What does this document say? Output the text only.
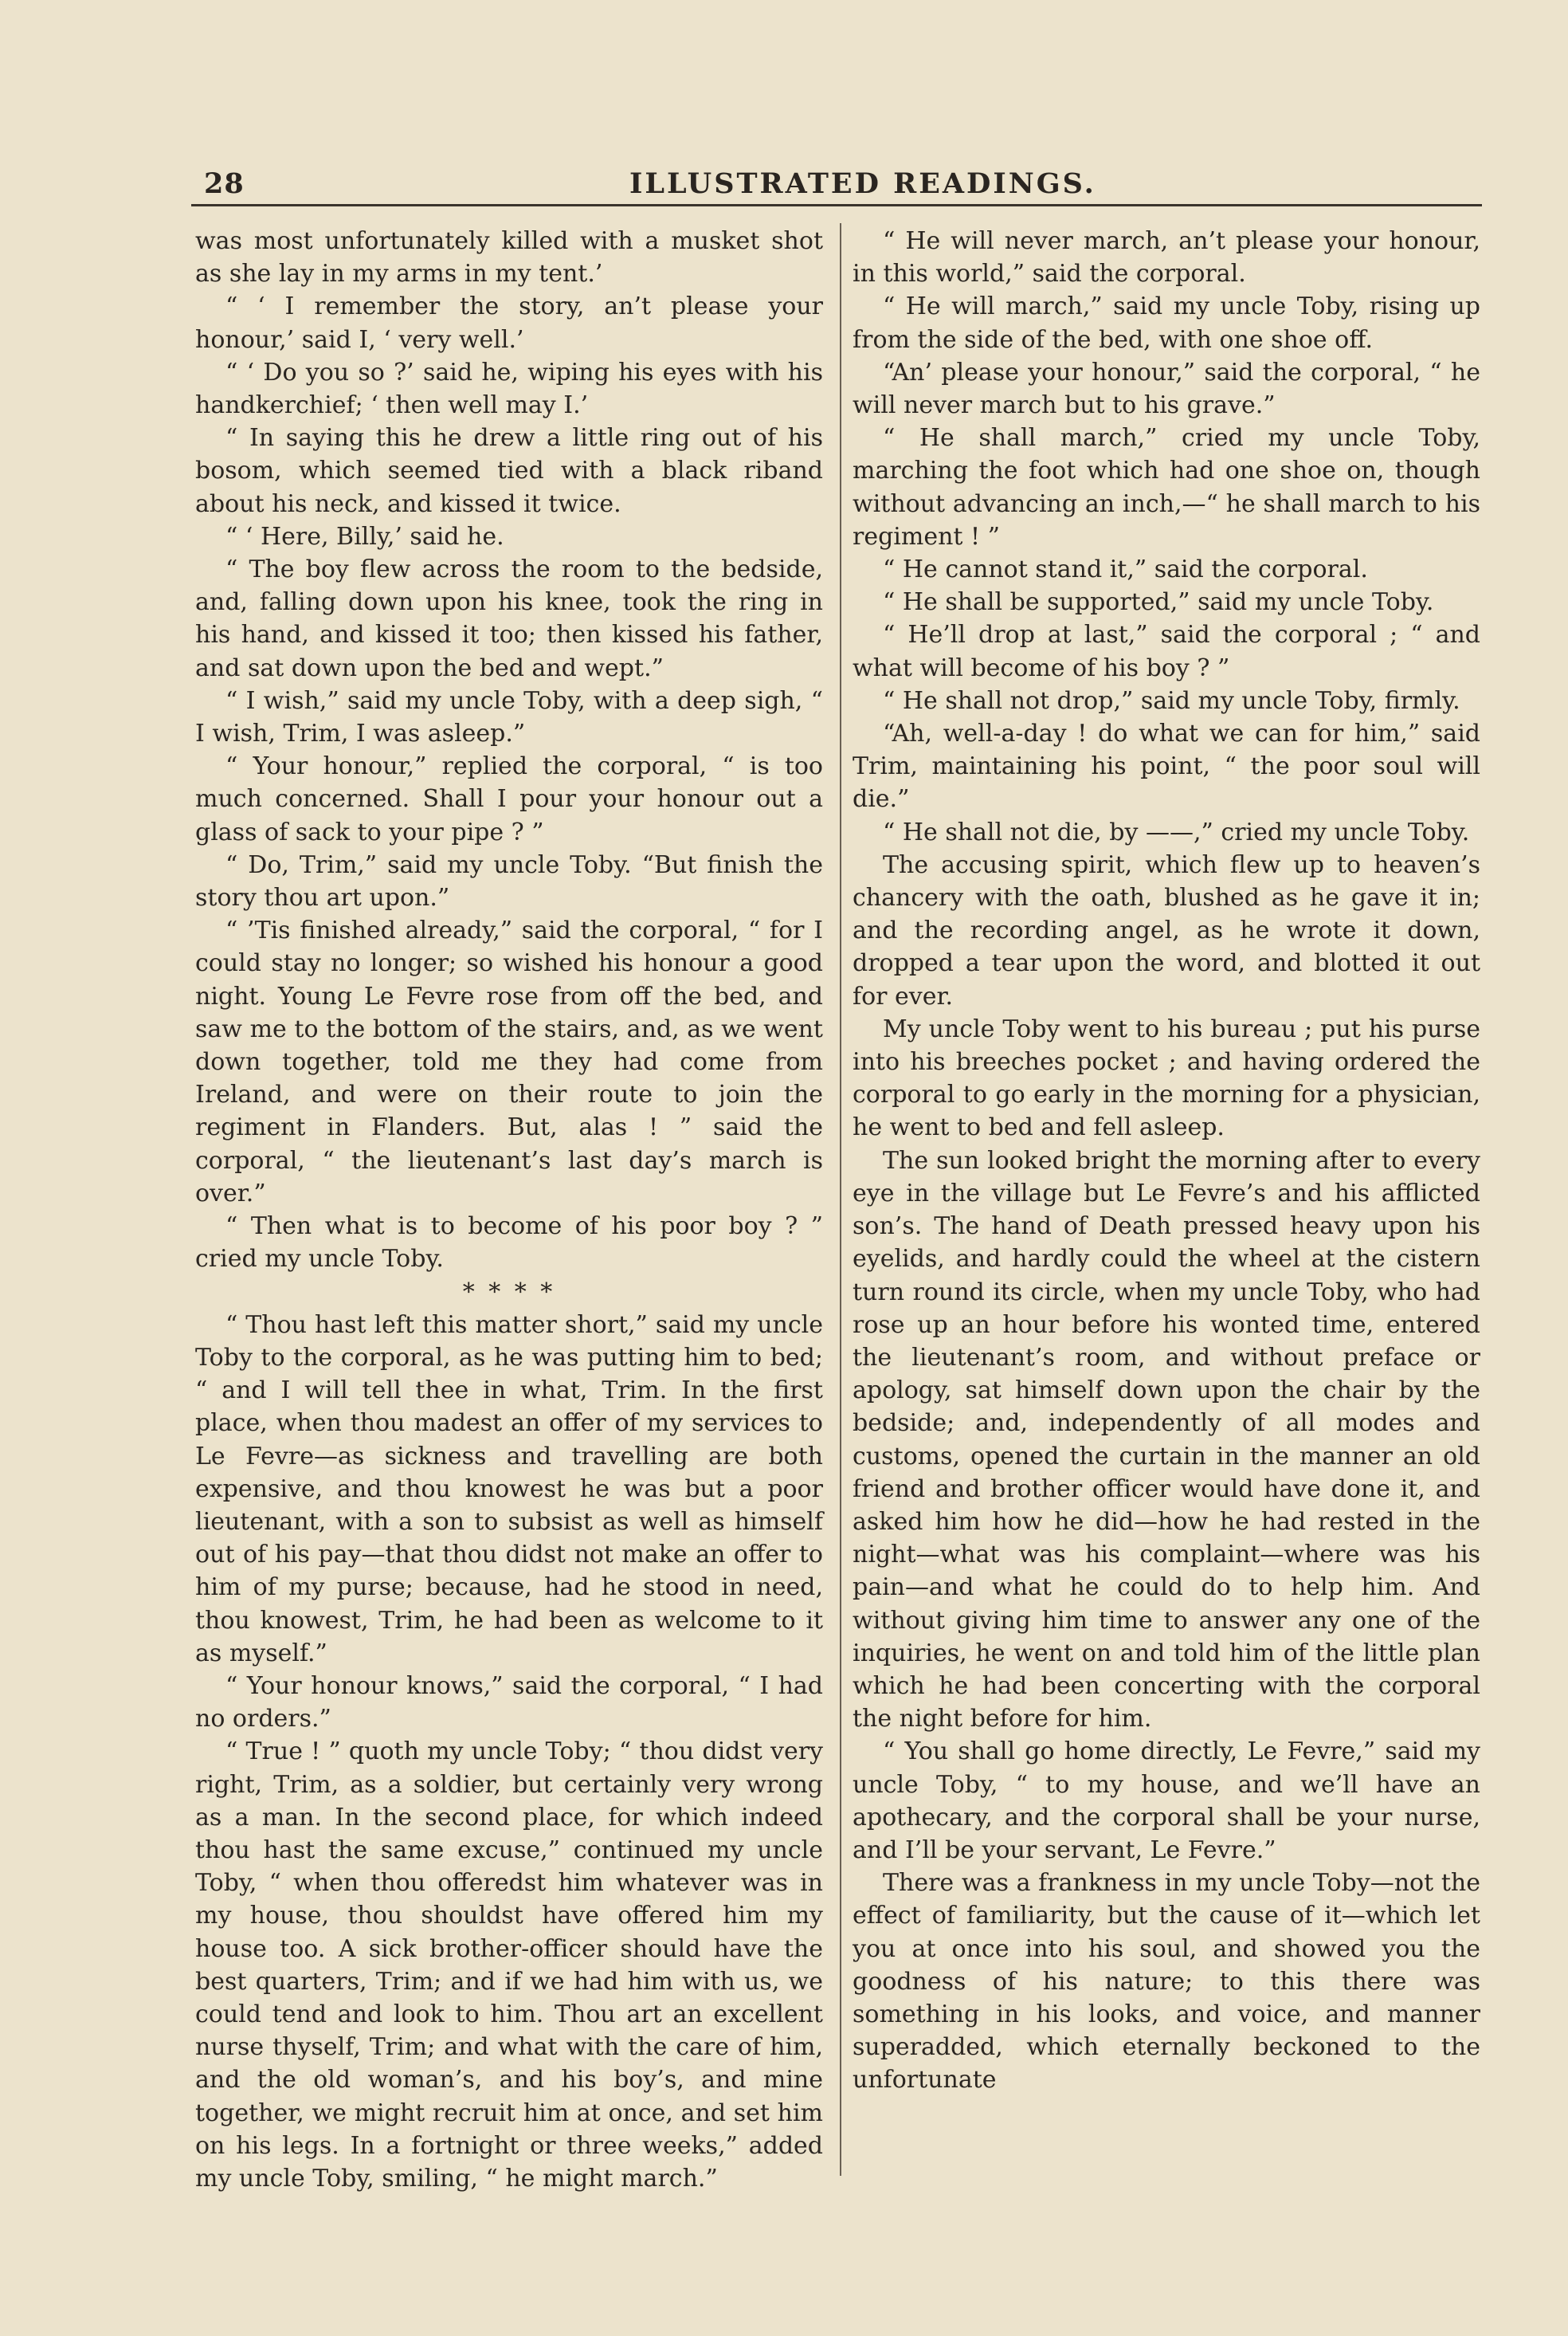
28	ILLUSTRATED READINGS.

was most unfortunately killed with a musket shot as she lay in my arms in my tent.’

“ ‘ I remember the story, an’t please your honour,’ said I, ‘ very well.’

“ ‘ Do you so ?’ said he, wiping his eyes with his handkerchief; ‘ then well may I.’

“ In saying this he drew a little ring out of his bosom, which seemed tied with a black riband about his neck, and kissed it twice.

“ ‘ Here, Billy,’ said he.

“ The boy flew across the room to the bedside, and, falling down upon his knee, took the ring in his hand, and kissed it too; then kissed his father, and sat down upon the bed and wept.”

“ I wish,” said my uncle Toby, with a deep sigh, “ I wish, Trim, I was asleep.”

“ Your honour,” replied the corporal, “ is too much concerned. Shall I pour your honour out a glass of sack to your pipe ? ”

“ Do, Trim,” said my uncle Toby. “But finish the story thou art upon.”

“ ’Tis finished already,” said the corporal, “ for I could stay no longer; so wished his honour a good night. Young Le Fevre rose from off the bed, and saw me to the bottom of the stairs, and, as we went down together, told me they had come from Ireland, and were on their route to join the regiment in Flanders. But, alas ! ” said the corporal, “ the lieutenant’s last day’s march is over.”

“ Then what is to become of his poor boy ? ” cried my uncle Toby.

* * * *

“ Thou hast left this matter short,” said my uncle Toby to the corporal, as he was putting him to bed; “ and I will tell thee in what, Trim. In the first place, when thou madest an offer of my services to Le Fevre—as sickness and travelling are both expensive, and thou knowest he was but a poor lieutenant, with a son to subsist as well as himself out of his pay—that thou didst not make an offer to him of my purse; because, had he stood in need, thou knowest, Trim, he had been as welcome to it as myself.”

“ Your honour knows,” said the corporal, “ I had no orders.”

“ True ! ” quoth my uncle Toby; “ thou didst very right, Trim, as a soldier, but certainly very wrong as a man. In the second place, for which indeed thou hast the same excuse,” continued my uncle Toby, “ when thou offeredst him whatever was in my house, thou shouldst have offered him my house too. A sick brother-officer should have the best quarters, Trim; and if we had him with us, we could tend and look to him. Thou art an excellent nurse thyself, Trim; and what with the care of him, and the old woman’s, and his boy’s, and mine together, we might recruit him at once, and set him on his legs. In a fortnight or three weeks,” added my uncle Toby, smiling, “ he might march.”

“ He will never march, an’t please your honour, in this world,” said the corporal.

“ He will march,” said my uncle Toby, rising up from the side of the bed, with one shoe off.

“An’ please your honour,” said the corporal, “ he will never march but to his grave.”

“ He shall march,” cried my uncle Toby, marching the foot which had one shoe on, though without advancing an inch,—“ he shall march to his regiment ! ”

“ He cannot stand it,” said the corporal.

“ He shall be supported,” said my uncle Toby.

“ He’ll drop at last,” said the corporal ; “ and what will become of his boy ? ”

“ He shall not drop,” said my uncle Toby, firmly.

“Ah, well-a-day ! do what we can for him,” said Trim, maintaining his point, “ the poor soul will die.”

“ He shall not die, by ——,” cried my uncle Toby.

The accusing spirit, which flew up to heaven’s chancery with the oath, blushed as he gave it in; and the recording angel, as he wrote it down, dropped a tear upon the word, and blotted it out for ever.

My uncle Toby went to his bureau ; put his purse into his breeches pocket ; and having ordered the corporal to go early in the morning for a physician, he went to bed and fell asleep.

The sun looked bright the morning after to every eye in the village but Le Fevre’s and his afflicted son’s. The hand of Death pressed heavy upon his eyelids, and hardly could the wheel at the cistern turn round its circle, when my uncle Toby, who had rose up an hour before his wonted time, entered the lieutenant’s room, and without preface or apology, sat himself down upon the chair by the bedside; and, independently of all modes and customs, opened the curtain in the manner an old friend and brother officer would have done it, and asked him how he did—how he had rested in the night—what was his complaint—where was his pain—and what he could do to help him. And without giving him time to answer any one of the inquiries, he went on and told him of the little plan which he had been concerting with the corporal the night before for him.

“ You shall go home directly, Le Fevre,” said my uncle Toby, “ to my house, and we’ll have an apothecary, and the corporal shall be your nurse, and I’ll be your servant, Le Fevre.”

There was a frankness in my uncle Toby—not the effect of familiarity, but the cause of it—which let you at once into his soul, and showed you the goodness of his nature; to this there was something in his looks, and voice, and manner superadded, which eternally beckoned to the unfortunate
